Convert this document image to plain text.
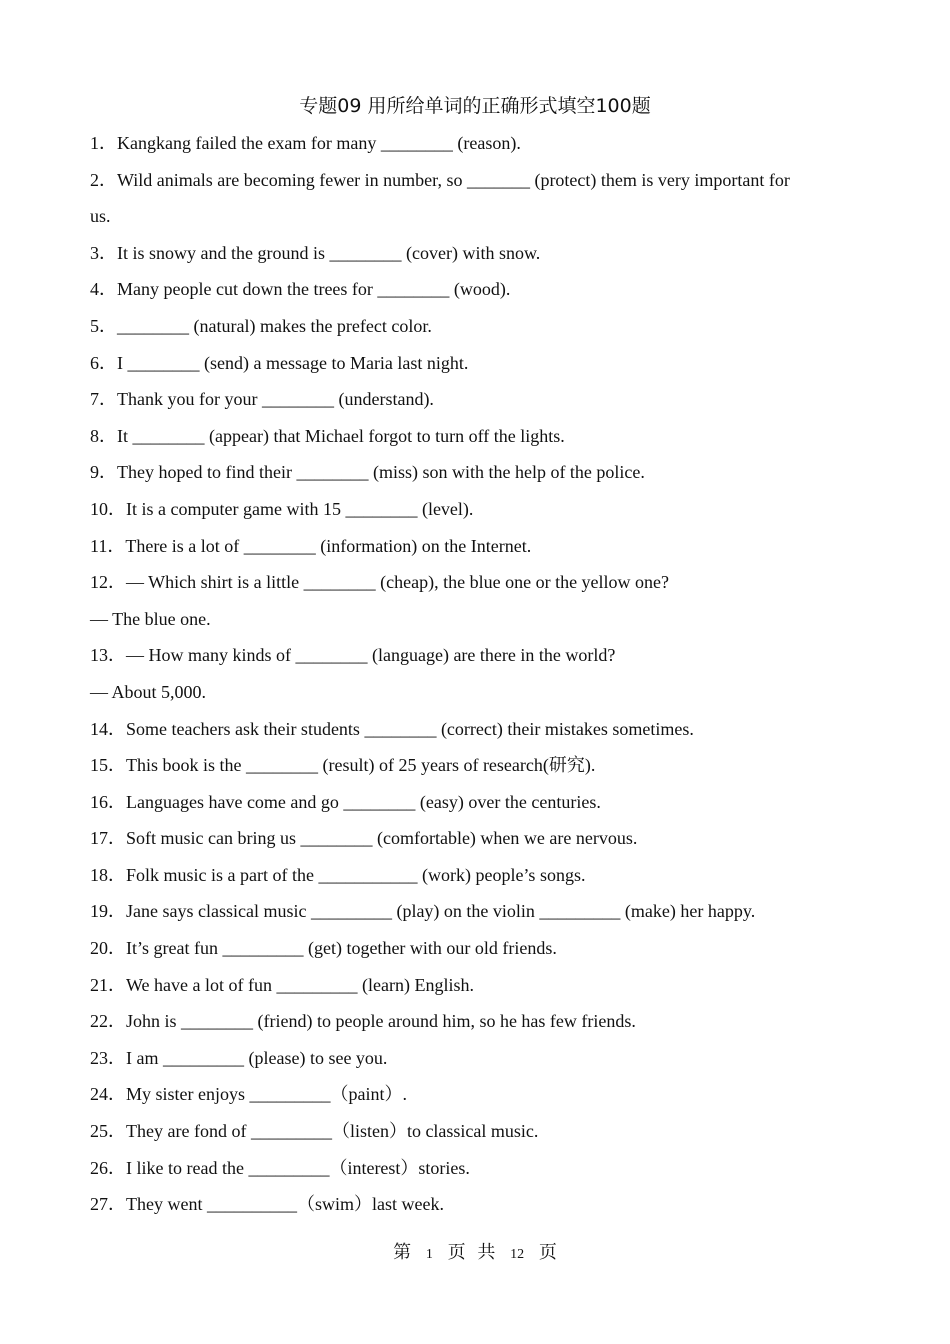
专题09 用所给单词的正确形式填空100题
1．Kangkang failed the exam for many ________ (reason).
2．Wild animals are becoming fewer in number, so _______ (protect) them is very important for
us.
3．It is snowy and the ground is ________ (cover) with snow.
4．Many people cut down the trees for ________ (wood).
5．________ (natural) makes the prefect color.
6．I ________ (send) a message to Maria last night.
7．Thank you for your ________ (understand).
8．It ________ (appear) that Michael forgot to turn off the lights.
9．They hoped to find their ________ (miss) son with the help of the police.
10．It is a computer game with 15 ________ (level).
11．There is a lot of ________ (information) on the Internet.
12．— Which shirt is a little ________ (cheap), the blue one or the yellow one?
— The blue one.
13．— How many kinds of ________ (language) are there in the world?
— About 5,000.
14．Some teachers ask their students ________ (correct) their mistakes sometimes.
15．This book is the ________ (result) of 25 years of research(研究).
16．Languages have come and go ________ (easy) over the centuries.
17．Soft music can bring us ________ (comfortable) when we are nervous.
18．Folk music is a part of the ___________ (work) people’s songs.
19．Jane says classical music _________ (play) on the violin _________ (make) her happy.
20．It’s great fun _________ (get) together with our old friends.
21．We have a lot of fun _________ (learn) English.
22．John is ________ (friend) to people around him, so he has few friends.
23．I am _________ (please) to see you.
24．My sister enjoys _________（paint）.
25．They are fond of _________（listen）to classical music.
26．I like to read the _________（interest）stories.
27．They went __________（swim）last week.
第 1 页 共 12 页
